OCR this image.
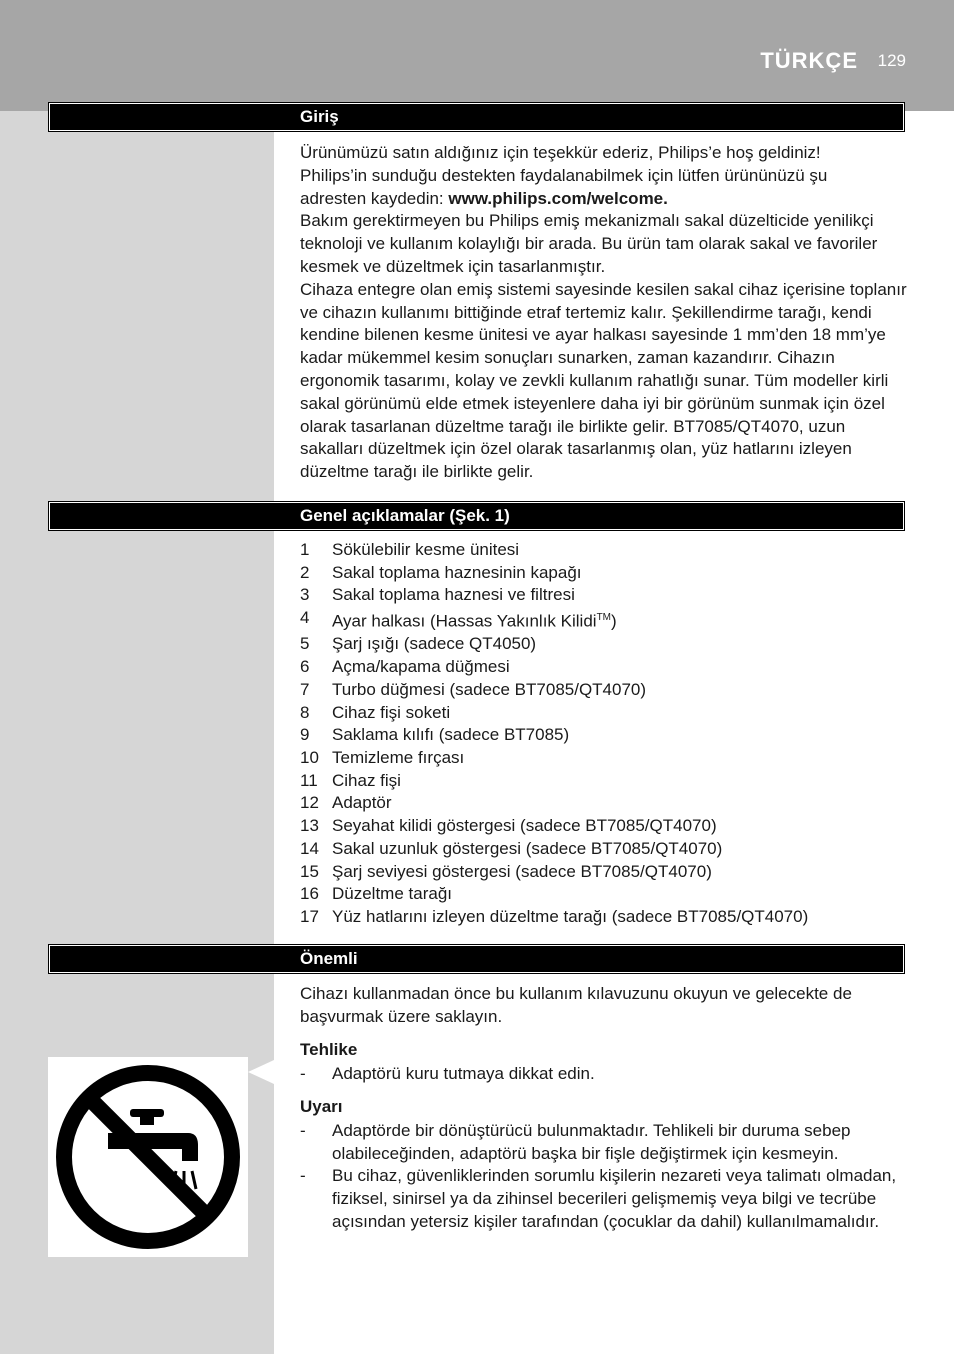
TÜRKÇE 129
Giriş

Ürünümüzü satın aldığınız için teşekkür ederiz, Philips’e hoş geldiniz!

Philips’in sunduğu destekten faydalanabilmek için lütfen ürününüzü şu

adresten kaydedin: www.philips.com/welcome.

Bakım gerektirmeyen bu Philips emiş mekanizmalı sakal düzelticide yenilikçi teknoloji ve kullanım kolaylığı bir arada. Bu ürün tam olarak sakal ve favoriler kesmek ve düzeltmek için tasarlanmıştır.

Cihaza entegre olan emiş sistemi sayesinde kesilen sakal cihaz içerisine toplanır ve cihazın kullanımı bittiğinde etraf tertemiz kalır. Şekillendirme tarağı, kendi kendine bilenen kesme ünitesi ve ayar halkası sayesinde 1 mm’den 18 mm’ye kadar mükemmel kesim sonuçları sunarken, zaman kazandırır. Cihazın ergonomik tasarımı, kolay ve zevkli kullanım rahatlığı sunar. Tüm modeller kirli sakal görünümü elde etmek isteyenlere daha iyi bir görünüm sunmak için özel olarak tasarlanan düzeltme tarağı ile birlikte gelir. BT7085/QT4070, uzun sakalları düzeltmek için özel olarak tasarlanmış olan, yüz hatlarını izleyen düzeltme tarağı ile birlikte gelir.

Genel açıklamalar (Şek. 1)
1	Sökülebilir kesme ünitesi
2	Sakal toplama haznesinin kapağı
3	Sakal toplama haznesi ve filtresi
4	Ayar halkası (Hassas Yakınlık Kilidi™)
5	Şarj ışığı (sadece QT4050)
6	Açma/kapama düğmesi
7	Turbo düğmesi (sadece BT7085/QT4070)
8	Cihaz fişi soketi
9	Saklama kılıfı (sadece BT7085)
10 Temizleme fırçası
11 Cihaz fişi
12 Adaptör
13 Seyahat kilidi göstergesi (sadece BT7085/QT4070)
14 Sakal uzunluk göstergesi (sadece BT7085/QT4070)
15 Şarj seviyesi göstergesi (sadece BT7085/QT4070)
16 Düzeltme tarağı
17 Yüz hatlarını izleyen düzeltme tarağı (sadece BT7085/QT4070)
Önemli
Cihazı kullanmadan önce bu kullanım kılavuzunu okuyun ve gelecekte de başvurmak üzere saklayın.
Tehlike
-	Adaptörü kuru tutmaya dikkat edin.
Uyarı
-	Adaptörde bir dönüştürücü bulunmaktadır. Tehlikeli bir duruma sebep olabileceğinden, adaptörü başka bir fişle değiştirmek için kesmeyin.
-	Bu cihaz, güvenliklerinden sorumlu kişilerin nezareti veya talimatı olmadan, fiziksel, sinirsel ya da zihinsel becerileri gelişmemiş veya bilgi ve tecrübe açısından yetersiz kişiler tarafından (çocuklar da dahil) kullanılmamalıdır.
